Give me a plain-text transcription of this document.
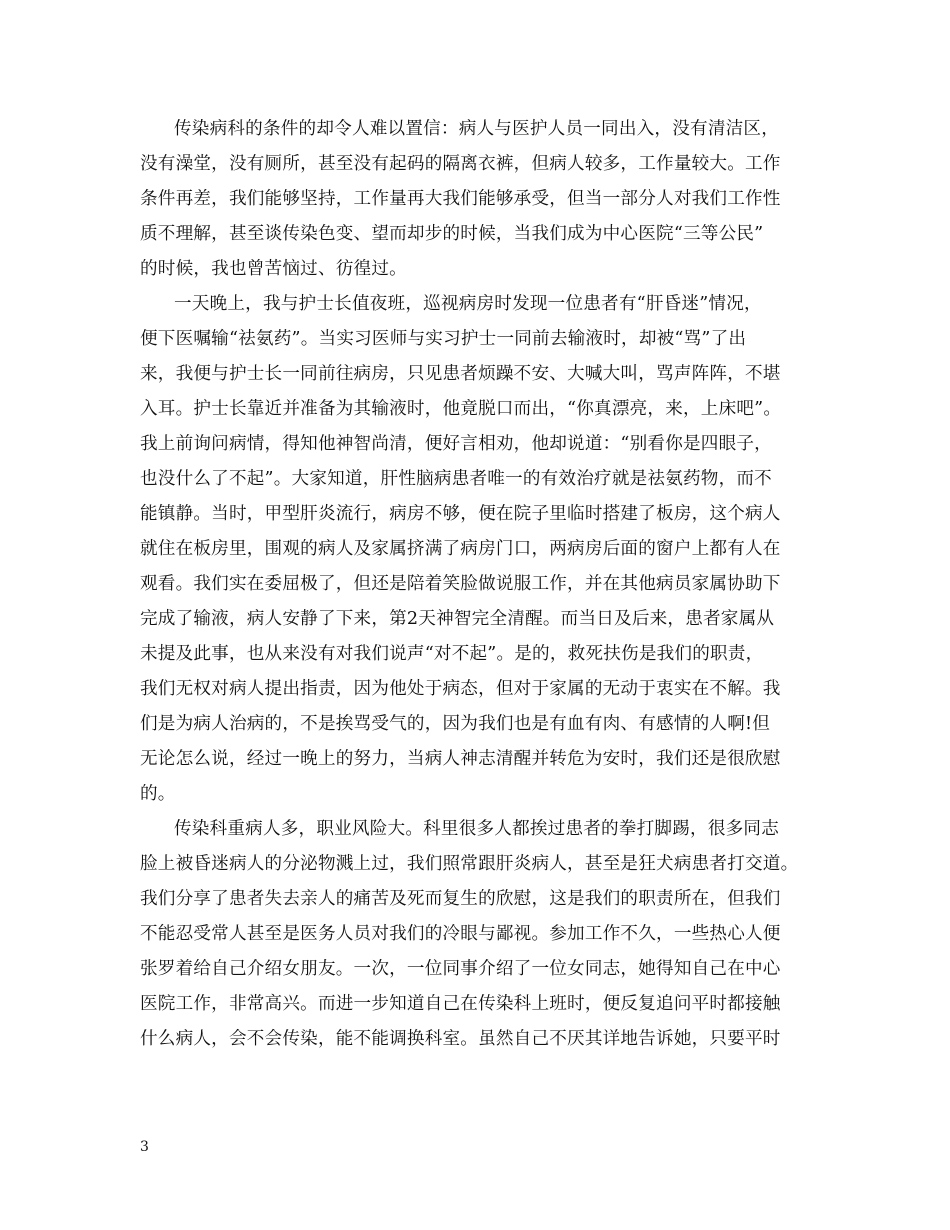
传染病科的条件的却令人难以置信：病人与医护人员一同出入，没有清洁区，
没有澡堂，没有厕所，甚至没有起码的隔离衣裤，但病人较多，工作量较大。工作
条件再差，我们能够坚持，工作量再大我们能够承受，但当一部分人对我们工作性
质不理解，甚至谈传染色变、望而却步的时候，当我们成为中心医院“三等公民”
的时候，我也曾苦恼过、彷徨过。
一天晚上，我与护士长值夜班，巡视病房时发现一位患者有“肝昏迷”情况，
便下医嘱输“祛氨药”。当实习医师与实习护士一同前去输液时，却被“骂”了出
来，我便与护士长一同前往病房，只见患者烦躁不安、大喊大叫，骂声阵阵，不堪
入耳。护士长靠近并准备为其输液时，他竟脱口而出，“你真漂亮，来，上床吧”。
我上前询问病情，得知他神智尚清，便好言相劝，他却说道：“别看你是四眼子，
也没什么了不起”。大家知道，肝性脑病患者唯一的有效治疗就是祛氨药物，而不
能镇静。当时，甲型肝炎流行，病房不够，便在院子里临时搭建了板房，这个病人
就住在板房里，围观的病人及家属挤满了病房门口，两病房后面的窗户上都有人在
观看。我们实在委屈极了，但还是陪着笑脸做说服工作，并在其他病员家属协助下
完成了输液，病人安静了下来，第2天神智完全清醒。而当日及后来，患者家属从
未提及此事，也从来没有对我们说声“对不起”。是的，救死扶伤是我们的职责，
我们无权对病人提出指责，因为他处于病态，但对于家属的无动于衷实在不解。我
们是为病人治病的，不是挨骂受气的，因为我们也是有血有肉、有感情的人啊!但
无论怎么说，经过一晚上的努力，当病人神志清醒并转危为安时，我们还是很欣慰
的。
传染科重病人多，职业风险大。科里很多人都挨过患者的拳打脚踢，很多同志
脸上被昏迷病人的分泌物溅上过，我们照常跟肝炎病人，甚至是狂犬病患者打交道。
我们分享了患者失去亲人的痛苦及死而复生的欣慰，这是我们的职责所在，但我们
不能忍受常人甚至是医务人员对我们的冷眼与鄙视。参加工作不久，一些热心人便
张罗着给自己介绍女朋友。一次，一位同事介绍了一位女同志，她得知自己在中心
医院工作，非常高兴。而进一步知道自己在传染科上班时，便反复追问平时都接触
什么病人，会不会传染，能不能调换科室。虽然自己不厌其详地告诉她，只要平时
3
